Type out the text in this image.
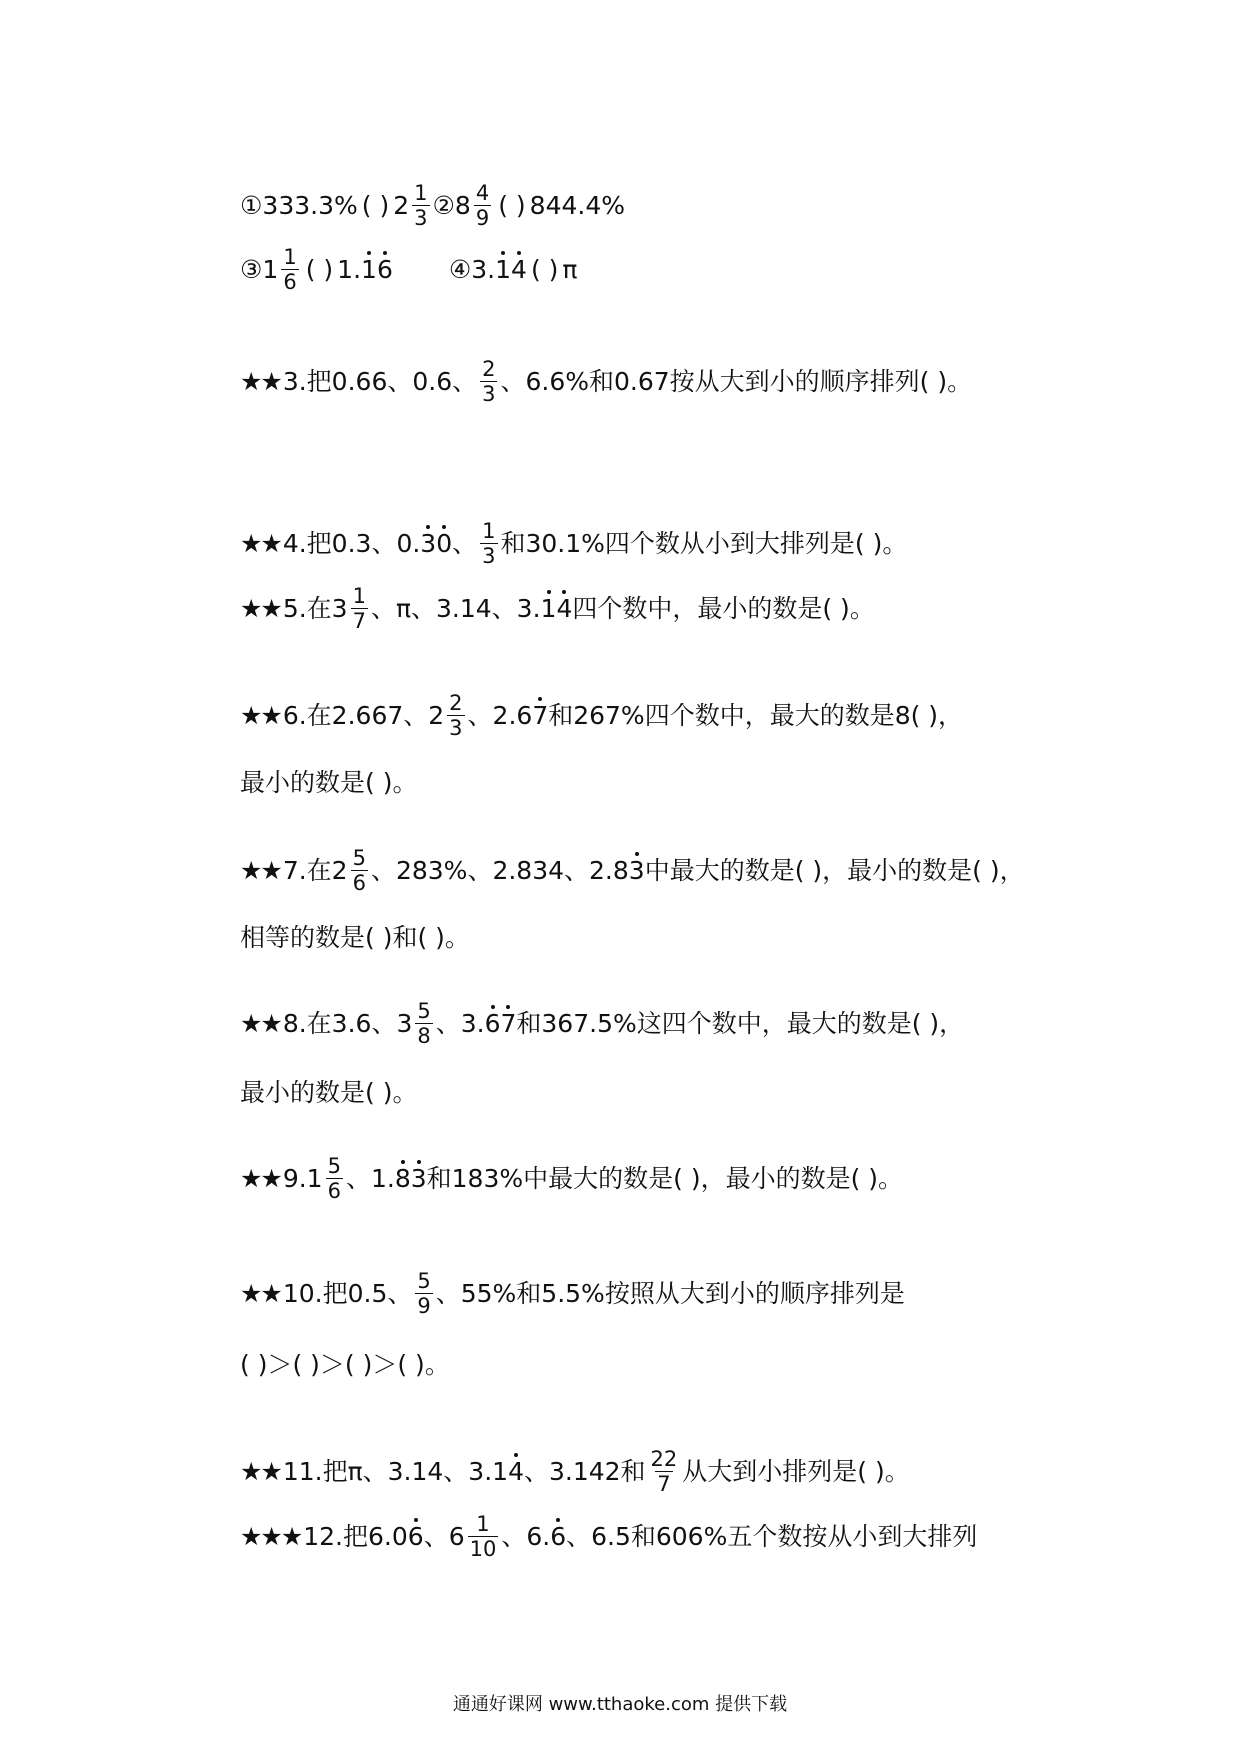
① 333.3% ( ) $2 \frac{1}{3}$ ② $8 \frac{4}{9}$ ( ) 844.4%
③ $1 \frac{1}{6}$ ( ) 1. 1 6 ④ 3. 1 4 ( ) π
★★ 3.把0.66、0.6、 $\frac{2}{3}$ 、6.6%和0.67按从大到小的顺序排列( )。
★★ 4.把0.3、0. 3 0 、 $\frac{1}{3}$ 和30.1%四个数从小到大排列是( )。
★★ 5.在$3 \frac{1}{7}$ 、π、3.14、3. 1 4 四个数中，最小的数是( )。
★★ 6.在2.667、$2 \frac{2}{3}$ 、2.6 7 和267%四个数中，最大的数是8( )，
最小的数是( )。
★★ 7.在$2 \frac{5}{6}$ 、283%、2.834、2.8 3 中最大的数是( )，最小的数是( )，
相等的数是( )和( )。
★★ 8.在3.6、$3 \frac{5}{8}$ 、3. 6 7 和367.5%这四个数中，最大的数是( )，
最小的数是( )。
★★ $9.1 \frac{5}{6}$ 、1. 8 3 和183%中最大的数是( )，最小的数是( )。
★★ 10.把0.5、 $\frac{5}{9}$ 、55%和5.5%按照从大到小的顺序排列是
( )＞( )＞( )＞( )。
★★ 11.把π、3.14、3.1 4 、3.142和 $\frac{22}{7}$ 从大到小排列是( )。
★★★ 12.把6.0 6 、$6 \frac{1}{10}$ 、6. 6 、6.5和606%五个数按从小到大排列
通通好课网 www.tthaoke.com 提供下载
